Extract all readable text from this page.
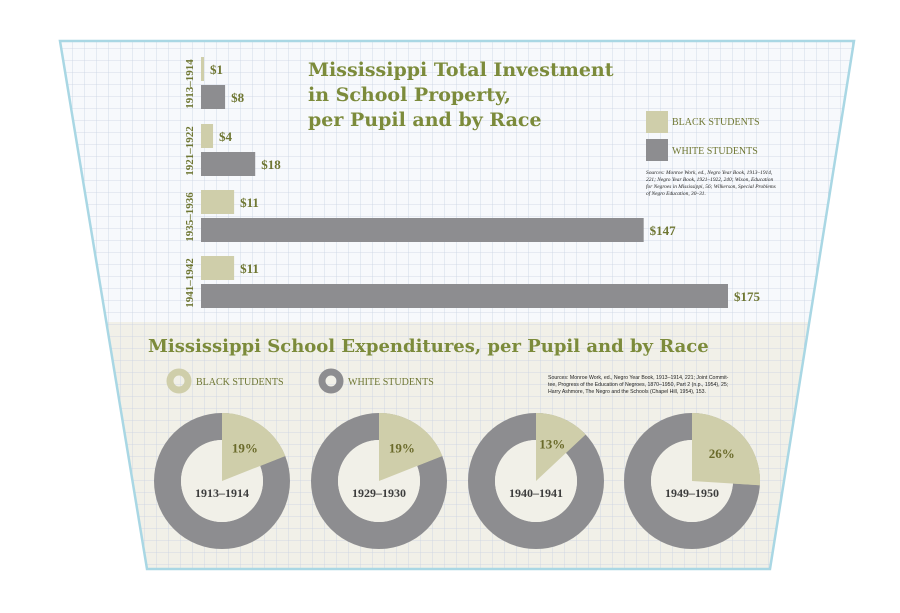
Mississippi Total Investment
in School Property,
per Pupil and by Race
1913–1914 $1
$8
1921–1922 $4
$18
1935–1936	$11
$147
1941–1942	$11
$175
BLACK STUDENTS
WHITE STUDENTS
Sources: Monroe Work, ed., Negro Year Book, 1913–1914,
221; Negro Year Book, 1921–1922, 240; Wixon, Education
for Negroes in Mississippi, 56; Wilkerson, Special Problems
of Negro Education, 30–31.
Mississippi School Expenditures, per Pupil and by Race
BLACK STUDENTS	WHITE STUDENTS	Sources: Monroe Work, ed., Negro Year Book, 1913–1914, 221; Joint Commit-
tee, Progress of the Education of Negroes, 1870–1950, Part 2 (n.p., 1954), 25;
Harry Ashmore, The Negro and the Schools (Chapel Hill, 1954), 153.
19%
1913–1914
19%
1929–1930
13%
1940–1941
26%
1949–1950
